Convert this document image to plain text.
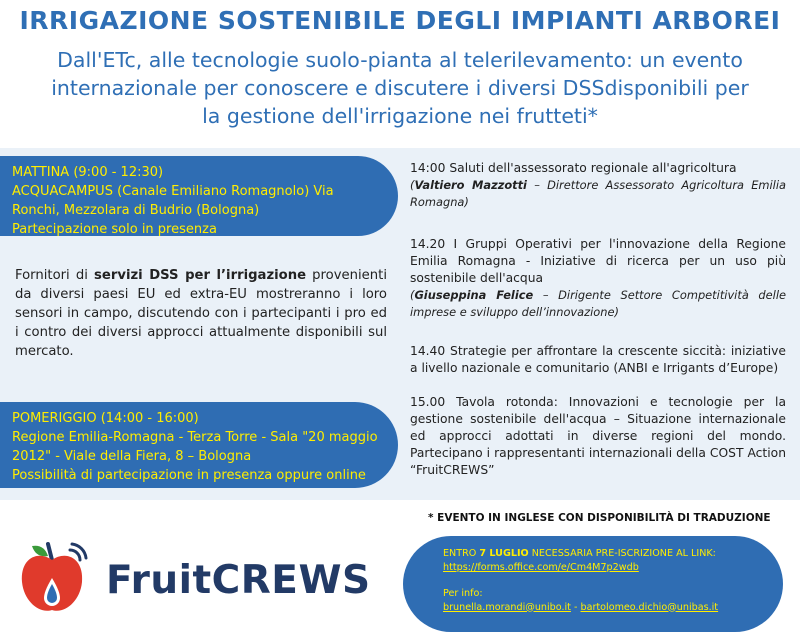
IRRIGAZIONE SOSTENIBILE DEGLI IMPIANTI ARBOREI
Dall'ETc, alle tecnologie suolo-pianta al telerilevamento: un evento internazionale per conoscere e discutere i diversi DSSdisponibili per la gestione dell'irrigazione nei frutteti*
MATTINA (9:00 - 12:30)
ACQUACAMPUS (Canale Emiliano Romagnolo) Via Ronchi, Mezzolara di Budrio (Bologna)
Partecipazione solo in presenza
Fornitori di servizi DSS per l’irrigazione provenienti da diversi paesi EU ed extra-EU mostreranno i loro sensori in campo, discutendo con i partecipanti i pro ed i contro dei diversi approcci attualmente disponibili sul mercato.
POMERIGGIO (14:00 - 16:00)
Regione Emilia-Romagna - Terza Torre - Sala "20 maggio 2012" - Viale della Fiera, 8 – Bologna
Possibilità di partecipazione in presenza oppure online
14:00 Saluti dell'assessorato regionale all'agricoltura
(Valtiero Mazzotti – Direttore Assessorato Agricoltura Emilia Romagna)
14.20 I Gruppi Operativi per l'innovazione della Regione Emilia Romagna - Iniziative di ricerca per un uso più sostenibile dell'acqua
(Giuseppina Felice – Dirigente Settore Competitività delle imprese e sviluppo dell’innovazione)
14.40 Strategie per affrontare la crescente siccità: iniziative a livello nazionale e comunitario (ANBI e Irrigants d’Europe)
15.00 Tavola rotonda: Innovazioni e tecnologie per la gestione sostenibile dell'acqua – Situazione internazionale ed approcci adottati in diverse regioni del mondo. Partecipano i rappresentanti internazionali della COST Action “FruitCREWS”
* EVENTO IN INGLESE CON DISPONIBILITÀ DI TRADUZIONE
FruitCREWS
ENTRO 7 LUGLIO NECESSARIA PRE-ISCRIZIONE AL LINK:
https://forms.office.com/e/Cm4M7p2wdb
Per info:
brunella.morandi@unibo.it - bartolomeo.dichio@unibas.it
